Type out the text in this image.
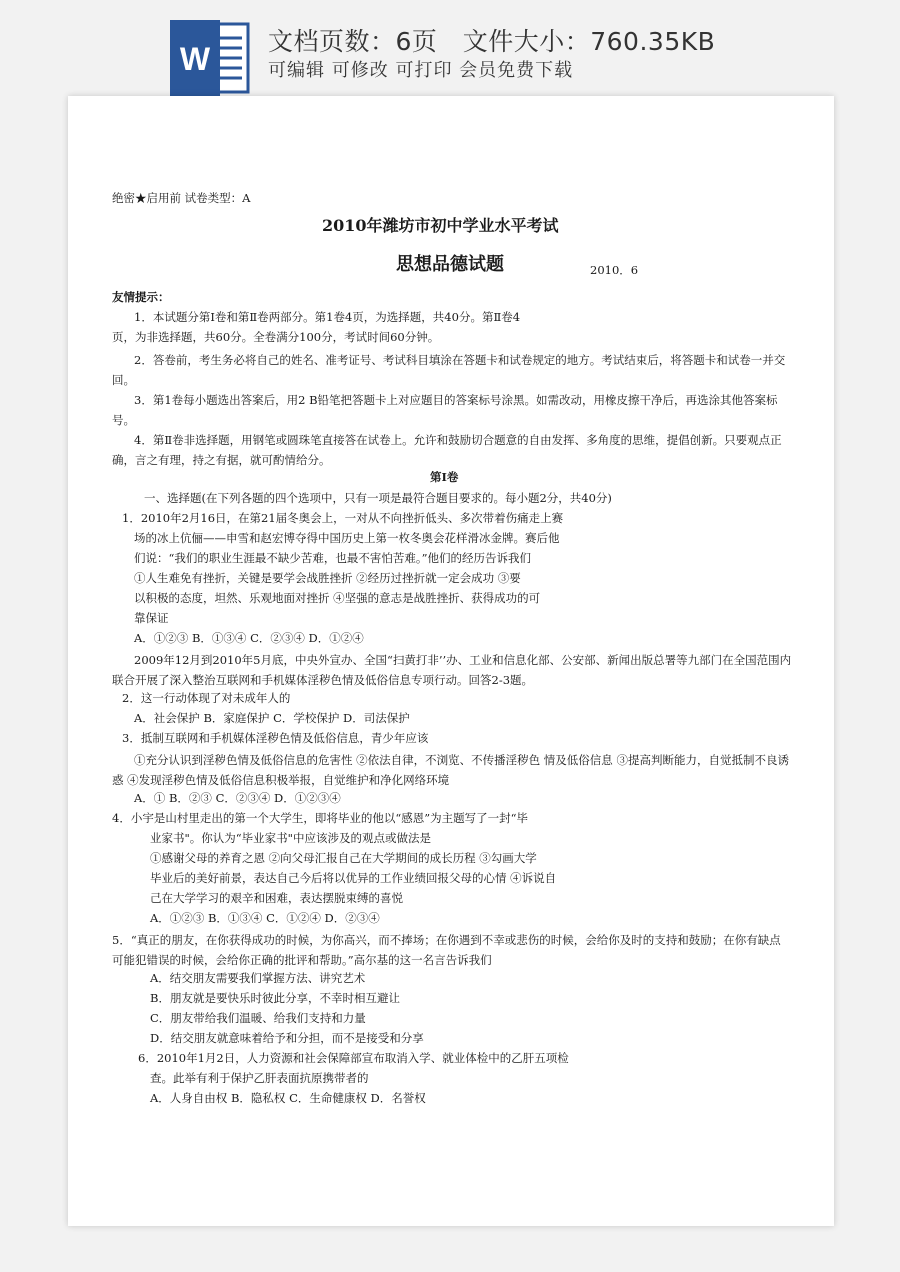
W 文档页数：6页   文件大小：760.35KB
可编辑 可修改 可打印 会员免费下载
绝密★启用前 试卷类型：A
2010年潍坊市初中学业水平考试
思想品德试题	2010．6
友情提示：
1．本试题分第Ⅰ卷和第Ⅱ卷两部分。第1卷4页，为选择题，共40分。第Ⅱ卷4
页，为非选择题，共60分。全卷满分100分，考试时间60分钟。
2．答卷前，考生务必将自己的姓名、准考证号、考试科目填涂在答题卡和试卷规定的地方。考试结束后，将答题卡和试卷一并交回。
3．第1卷每小题选出答案后，用2 B铅笔把答题卡上对应题目的答案标号涂黑。如需改动，用橡皮擦干净后，再选涂其他答案标号。
4．第Ⅱ卷非选择题，用钢笔或圆珠笔直接答在试卷上。允许和鼓励切合题意的自由发挥、多角度的思维，提倡创新。只要观点正确，言之有理，持之有据，就可酌情给分。
第Ⅰ卷
一、选择题(在下列各题的四个选项中，只有一项是最符合题目要求的。每小题2分，共40分)
1．2010年2月16日，在第21届冬奥会上，一对从不向挫折低头、多次带着伤痛走上赛
场的冰上伉俪——申雪和赵宏博夺得中国历史上第一枚冬奥会花样滑冰金牌。赛后他
们说：“我们的职业生涯最不缺少苦难，也最不害怕苦难。”他们的经历告诉我们
①人生难免有挫折，关键是要学会战胜挫折 ②经历过挫折就一定会成功 ③要
以积极的态度，坦然、乐观地面对挫折 ④坚强的意志是战胜挫折、获得成功的可
靠保证
A．①②③ B．①③④ C．②③④ D．①②④
2009年12月到2010年5月底，中央外宣办、全国“扫黄打非’’办、工业和信息化部、公安部、新闻出版总署等九部门在全国范围内联合开展了深入整治互联网和手机媒体淫秽色情及低俗信息专项行动。回答2-3题。
2．这一行动体现了对未成年人的
A．社会保护 B．家庭保护 C．学校保护 D．司法保护
3．抵制互联网和手机媒体淫秽色情及低俗信息，青少年应该
①充分认识到淫秽色情及低俗信息的危害性 ②依法自律，不浏览、不传播淫秽色 情及低俗信息 ③提高判断能力，自觉抵制不良诱惑 ④发现淫秽色情及低俗信息积极举报，自觉维护和净化网络环境
A．① B．②③ C．②③④ D．①②③④
4．小宇是山村里走出的第一个大学生，即将毕业的他以“感恩”为主题写了一封“毕
业家书"。你认为“毕业家书"中应该涉及的观点或做法是
①感谢父母的养育之恩 ②向父母汇报自己在大学期间的成长历程 ③勾画大学
毕业后的美好前景，表达自己今后将以优异的工作业绩回报父母的心情 ④诉说自
己在大学学习的艰辛和困难，表达摆脱束缚的喜悦
A．①②③ B．①③④ C．①②④ D．②③④
5．“真正的朋友，在你获得成功的时候，为你高兴，而不捧场；在你遇到不幸或悲伤的时候，会给你及时的支持和鼓励；在你有缺点可能犯错误的时候，会给你正确的批评和帮助。”高尔基的这一名言告诉我们
A．结交朋友需要我们掌握方法、讲究艺术
B．朋友就是要快乐时彼此分享，不幸时相互避让
C．朋友带给我们温暖、给我们支持和力量
D．结交朋友就意味着给予和分担，而不是接受和分享
6．2010年1月2日，人力资源和社会保障部宣布取消入学、就业体检中的乙肝五项检
查。此举有利于保护乙肝表面抗原携带者的
A．人身自由权 B．隐私权 C．生命健康权 D．名誉权
